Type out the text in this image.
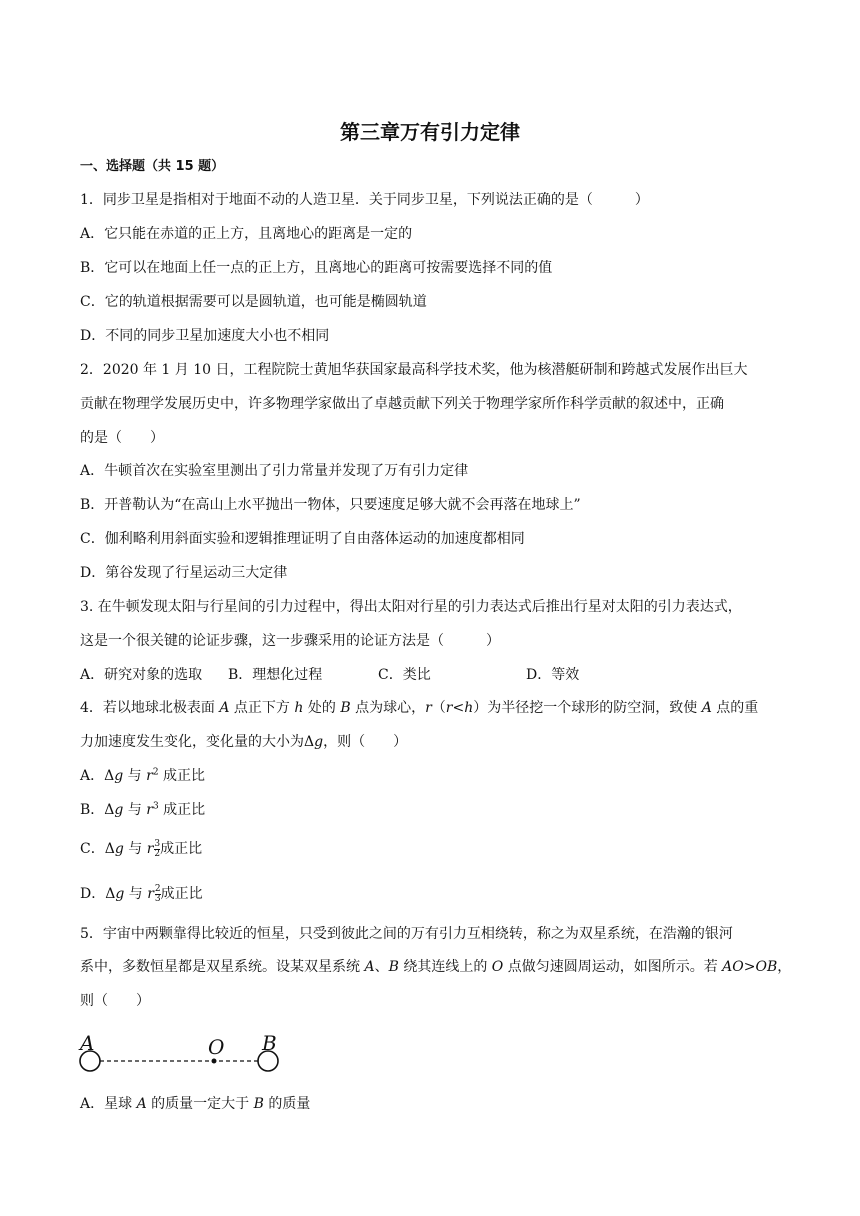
第三章万有引力定律
一、选择题（共 15 题）
1．同步卫星是指相对于地面不动的人造卫星．关于同步卫星，下列说法正确的是（　　　）
A．它只能在赤道的正上方，且离地心的距离是一定的
B．它可以在地面上任一点的正上方，且离地心的距离可按需要选择不同的值
C．它的轨道根据需要可以是圆轨道，也可能是椭圆轨道
D．不同的同步卫星加速度大小也不相同
2．2020 年 1 月 10 日，工程院院士黄旭华获国家最高科学技术奖，他为核潜艇研制和跨越式发展作出巨大
贡献在物理学发展历史中，许多物理学家做出了卓越贡献下列关于物理学家所作科学贡献的叙述中，正确
的是（　　）
A．牛顿首次在实验室里测出了引力常量并发现了万有引力定律
B．开普勒认为“在高山上水平抛出一物体，只要速度足够大就不会再落在地球上”
C．伽利略利用斜面实验和逻辑推理证明了自由落体运动的加速度都相同
D．第谷发现了行星运动三大定律
3. 在牛顿发现太阳与行星间的引力过程中，得出太阳对行星的引力表达式后推出行星对太阳的引力表达式，
这是一个很关键的论证步骤，这一步骤采用的论证方法是（　　　）
A．研究对象的选取 B．理想化过程	C．类比	D．等效
4．若以地球北极表面 A 点正下方 h 处的 B 点为球心，r（r<h）为半径挖一个球形的防空洞，致使 A 点的重
力加速度发生变化，变化量的大小为Δg，则（　　）
A．Δg 与 $r^2$ 成正比
B．Δg 与 $r^3$ 成正比
C．Δg 与 r $\frac{3}{2}$ 成正比
D．Δg 与 r $\frac{2}{3}$ 成正比
5．宇宙中两颗靠得比较近的恒星，只受到彼此之间的万有引力互相绕转，称之为双星系统，在浩瀚的银河
系中，多数恒星都是双星系统。设某双星系统 A、B 绕其连线上的 O 点做匀速圆周运动，如图所示。若 AO>OB，
则（　　）
A	O B
A．星球 A 的质量一定大于 B 的质量
